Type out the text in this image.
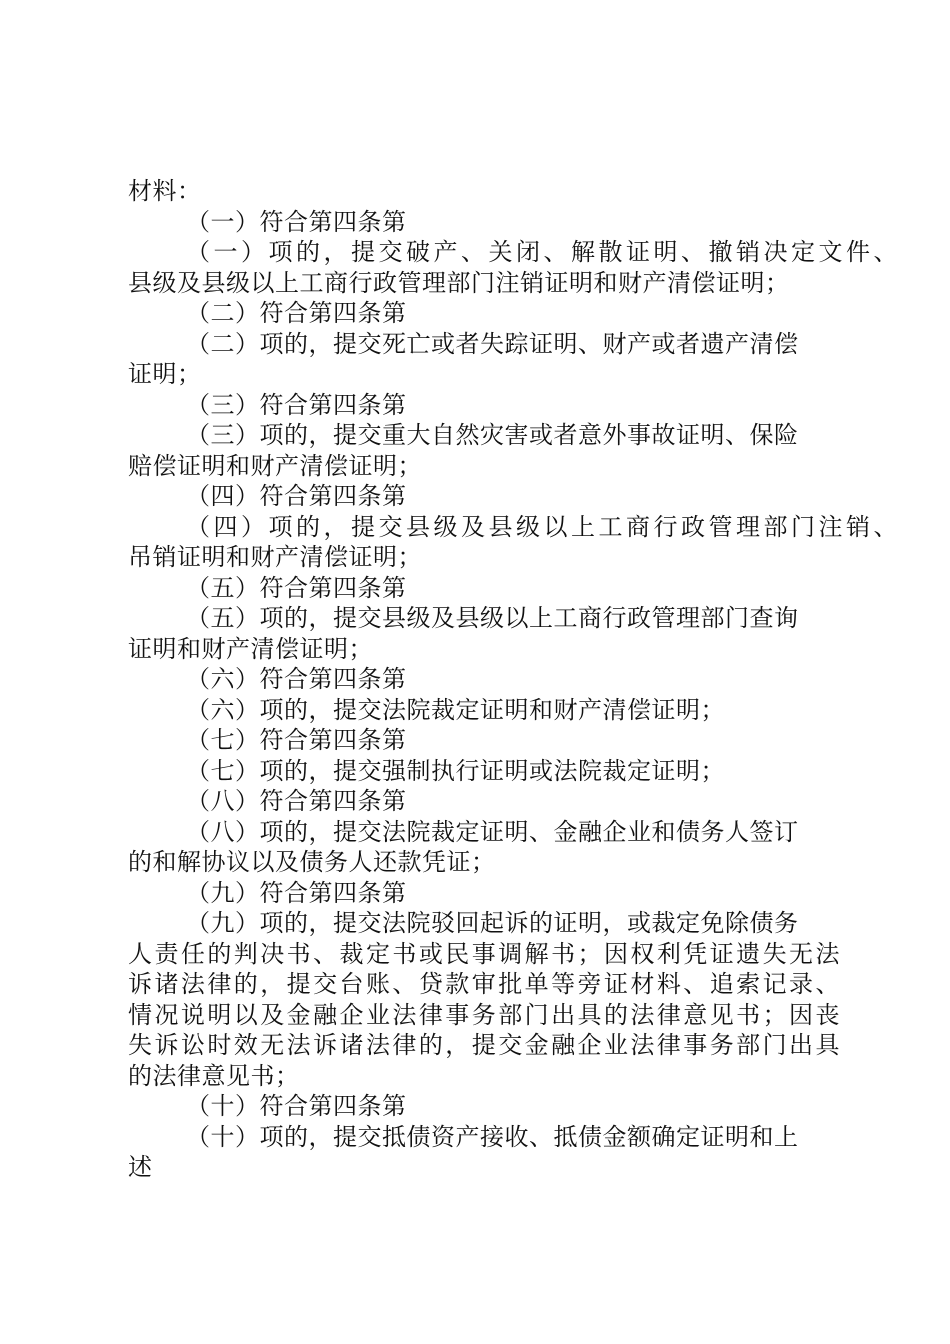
材料：
（一）符合第四条第
（一）项的，提交破产、关闭、解散证明、撤销决定文件、
县级及县级以上工商行政管理部门注销证明和财产清偿证明；
（二）符合第四条第
（二）项的，提交死亡或者失踪证明、财产或者遗产清偿
证明；
（三）符合第四条第
（三）项的，提交重大自然灾害或者意外事故证明、保险
赔偿证明和财产清偿证明；
（四）符合第四条第
（四）项的，提交县级及县级以上工商行政管理部门注销、
吊销证明和财产清偿证明；
（五）符合第四条第
（五）项的，提交县级及县级以上工商行政管理部门查询
证明和财产清偿证明；
（六）符合第四条第
（六）项的，提交法院裁定证明和财产清偿证明；
（七）符合第四条第
（七）项的，提交强制执行证明或法院裁定证明；
（八）符合第四条第
（八）项的，提交法院裁定证明、金融企业和债务人签订
的和解协议以及债务人还款凭证；
（九）符合第四条第
（九）项的，提交法院驳回起诉的证明，或裁定免除债务
人责任的判决书、裁定书或民事调解书；因权利凭证遗失无法
诉诸法律的，提交台账、贷款审批单等旁证材料、追索记录、
情况说明以及金融企业法律事务部门出具的法律意见书；因丧
失诉讼时效无法诉诸法律的，提交金融企业法律事务部门出具
的法律意见书；
（十）符合第四条第
（十）项的，提交抵债资产接收、抵债金额确定证明和上
述
